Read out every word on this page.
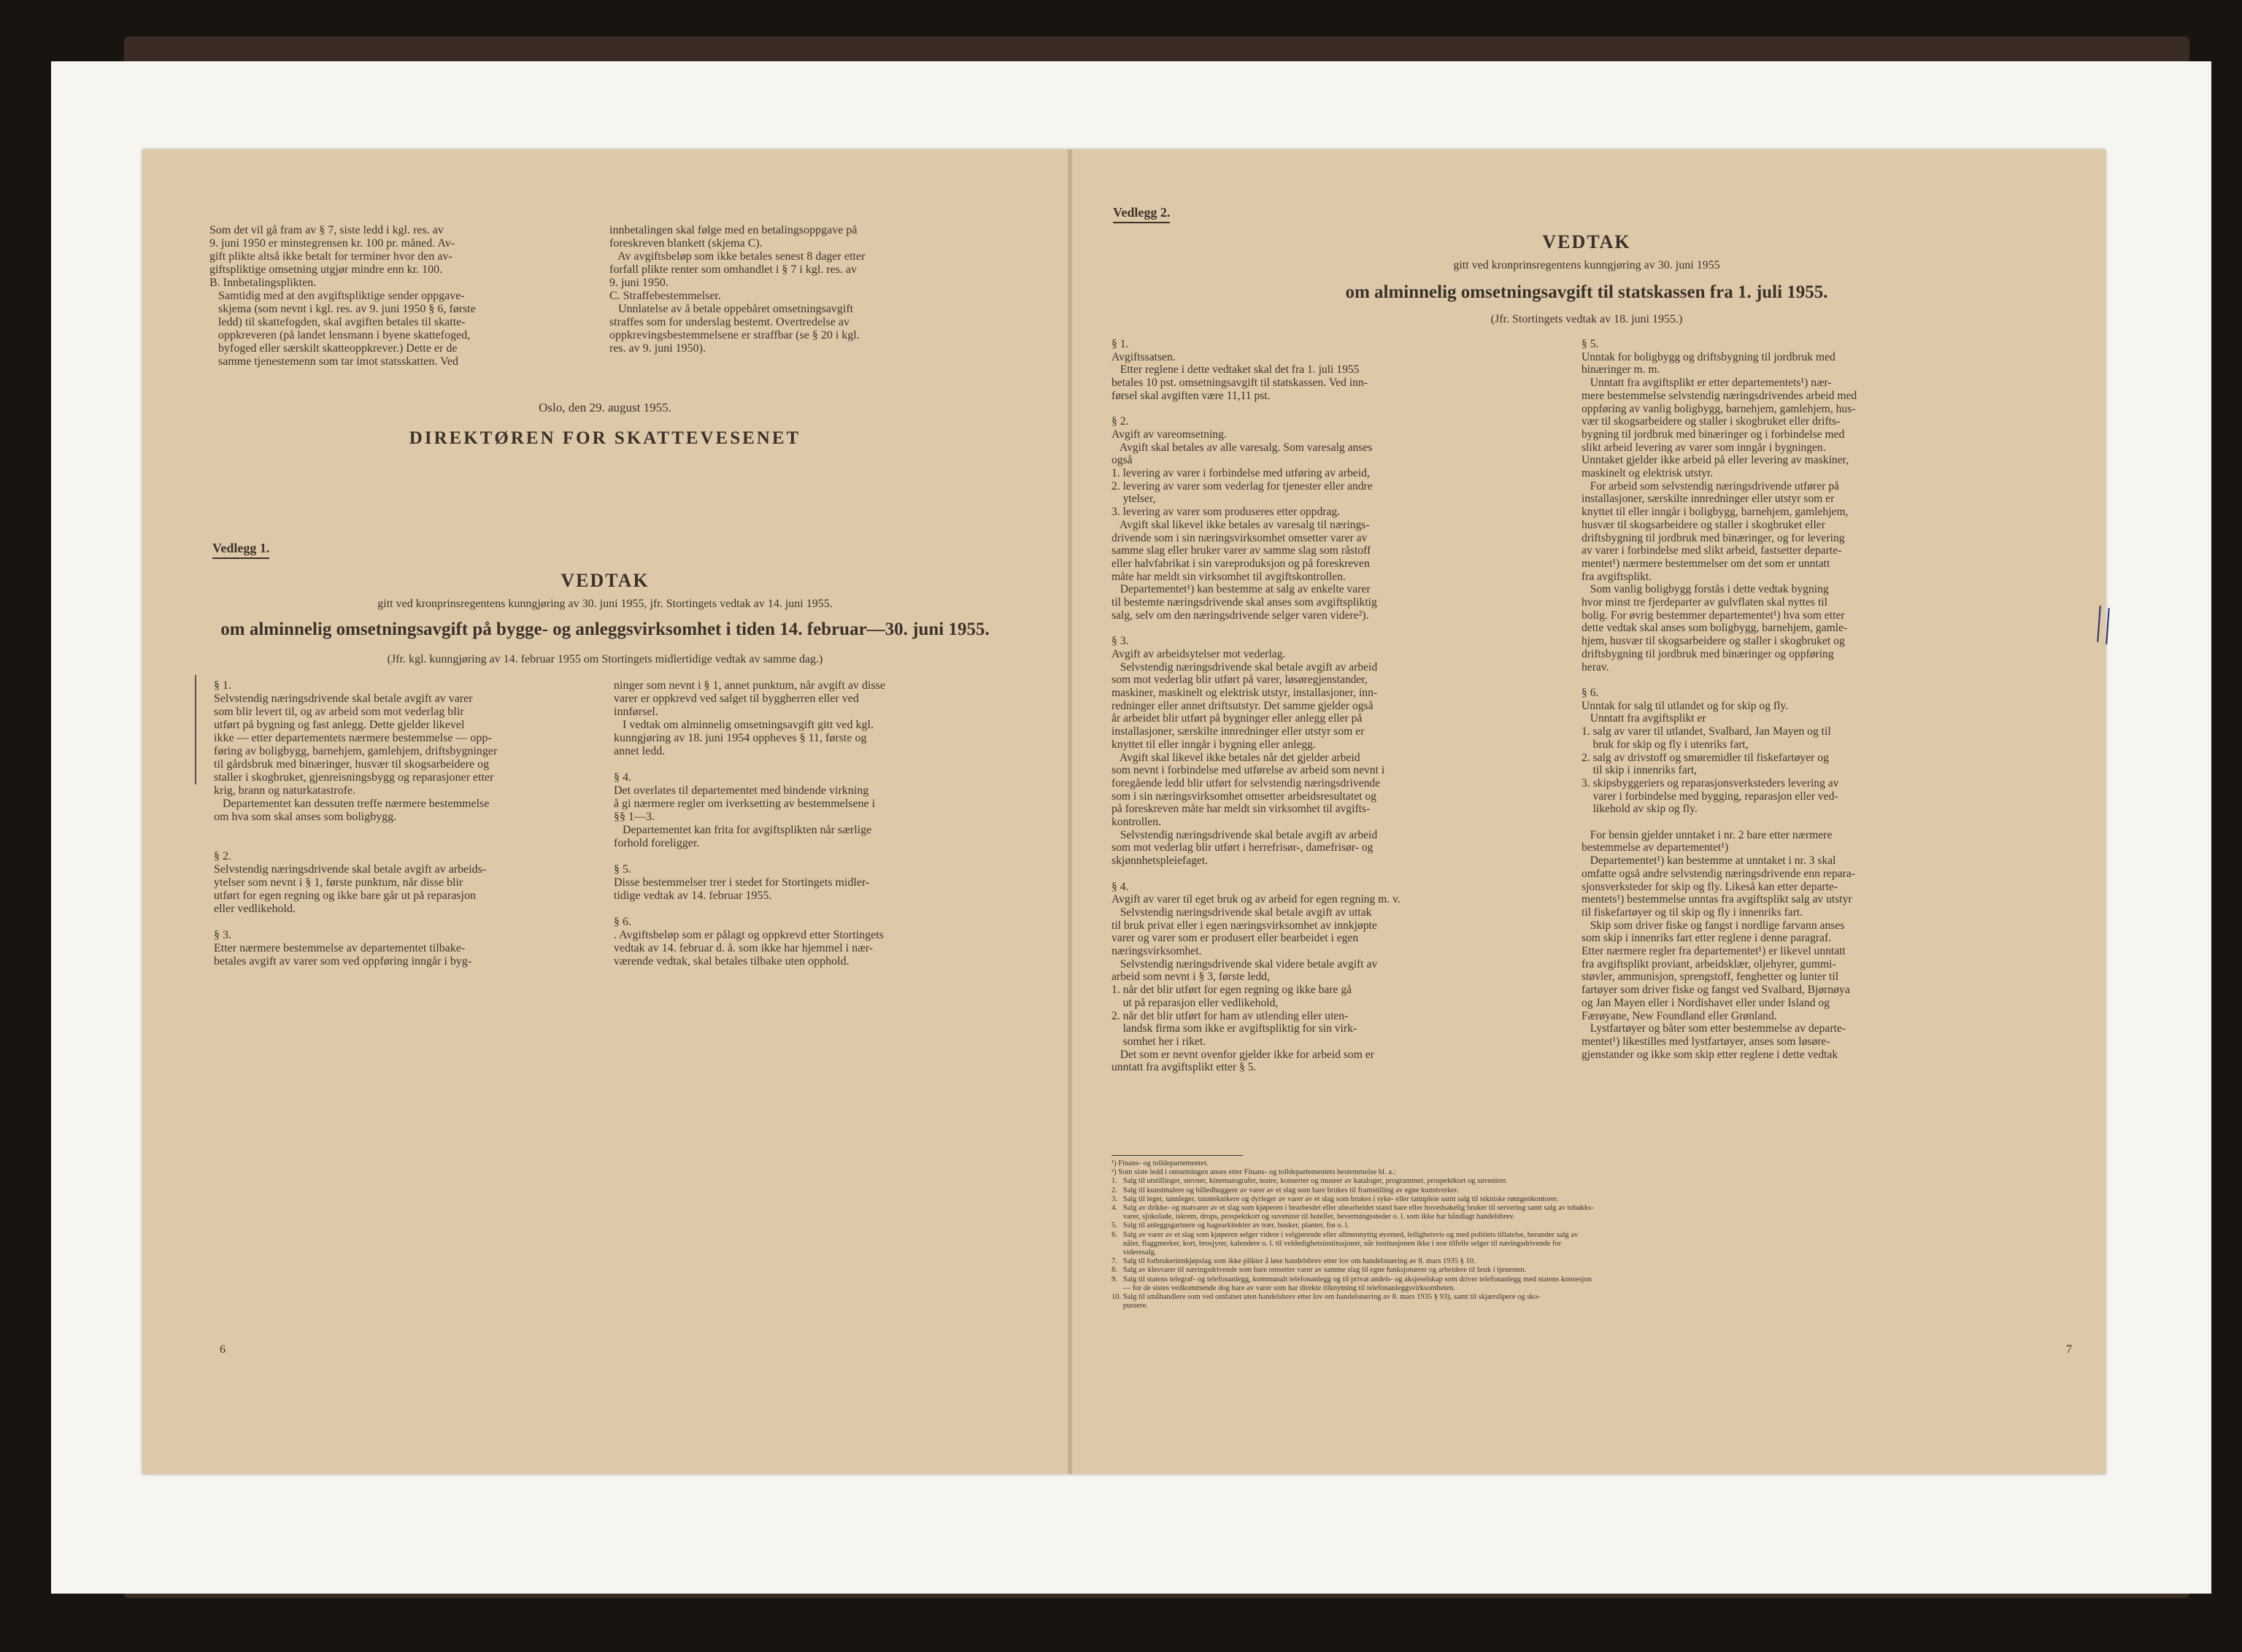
Som det vil gå fram av § 7, siste ledd i kgl. res. av
9. juni 1950 er minstegrensen kr. 100 pr. måned. Av-
gift plikte altså ikke betalt for terminer hvor den av-
giftspliktige omsetning utgjør mindre enn kr. 100.
B. Innbetalingsplikten.
Samtidig med at den avgiftspliktige sender oppgave-
skjema (som nevnt i kgl. res. av 9. juni 1950 § 6, første
ledd) til skattefogden, skal avgiften betales til skatte-
oppkreveren (på landet lensmann i byene skattefoged,
byfoged eller særskilt skatteoppkrever.) Dette er de
samme tjenestemenn som tar imot statsskatten. Ved
innbetalingen skal følge med en betalingsoppgave på
foreskreven blankett (skjema C).
Av avgiftsbeløp som ikke betales senest 8 dager etter
forfall plikte renter som omhandlet i § 7 i kgl. res. av
9. juni 1950.
C. Straffebestemmelser.
Unnlatelse av å betale oppebåret omsetningsavgift
straffes som for underslag bestemt. Overtredelse av
oppkrevingsbestemmelsene er straffbar (se § 20 i kgl.
res. av 9. juni 1950).
Oslo, den 29. august 1955.
DIREKTØREN FOR SKATTEVESENET
Vedlegg 1.
VEDTAK
gitt ved kronprinsregentens kunngjøring av 30. juni 1955, jfr. Stortingets vedtak av 14. juni 1955.
om alminnelig omsetningsavgift på bygge- og anleggsvirksomhet i tiden 14. februar—30. juni 1955.
(Jfr. kgl. kunngjøring av 14. februar 1955 om Stortingets midlertidige vedtak av samme dag.)
§ 1.
Selvstendig næringsdrivende skal betale avgift av varer
som blir levert til, og av arbeid som mot vederlag blir
utført på bygning og fast anlegg. Dette gjelder likevel
ikke — etter departementets nærmere bestemmelse — opp-
føring av boligbygg, barnehjem, gamlehjem, driftsbygninger
til gårdsbruk med binæringer, husvær til skogsarbeidere og
staller i skogbruket, gjenreisningsbygg og reparasjoner etter
krig, brann og naturkatastrofe.
Departementet kan dessuten treffe nærmere bestemmelse
om hva som skal anses som boligbygg.

§ 2.
Selvstendig næringsdrivende skal betale avgift av arbeids-
ytelser som nevnt i § 1, første punktum, når disse blir
utført for egen regning og ikke bare går ut på reparasjon
eller vedlikehold.

§ 3.
Etter nærmere bestemmelse av departementet tilbake-
betales avgift av varer som ved oppføring inngår i byg-
ninger som nevnt i § 1, annet punktum, når avgift av disse
varer er oppkrevd ved salget til byggherren eller ved
innførsel.
I vedtak om alminnelig omsetningsavgift gitt ved kgl.
kunngjøring av 18. juni 1954 oppheves § 11, første og
annet ledd.

§ 4.
Det overlates til departementet med bindende virkning
å gi nærmere regler om iverksetting av bestemmelsene i
§§ 1—3.
Departementet kan frita for avgiftsplikten når særlige
forhold foreligger.

§ 5.
Disse bestemmelser trer i stedet for Stortingets midler-
tidige vedtak av 14. februar 1955.

§ 6.
. Avgiftsbeløp som er pålagt og oppkrevd etter Stortingets
vedtak av 14. februar d. å. som ikke har hjemmel i nær-
værende vedtak, skal betales tilbake uten opphold.
6
Vedlegg 2.
VEDTAK
gitt ved kronprinsregentens kunngjøring av 30. juni 1955
om alminnelig omsetningsavgift til statskassen fra 1. juli 1955.
(Jfr. Stortingets vedtak av 18. juni 1955.)
§ 1.
Avgiftssatsen.
Etter reglene i dette vedtaket skal det fra 1. juli 1955
betales 10 pst. omsetningsavgift til statskassen. Ved inn-
førsel skal avgiften være 11,11 pst.

§ 2.
Avgift av vareomsetning.
Avgift skal betales av alle varesalg. Som varesalg anses
også
1. levering av varer i forbindelse med utføring av arbeid,
2. levering av varer som vederlag for tjenester eller andre
ytelser,
3. levering av varer som produseres etter oppdrag.
Avgift skal likevel ikke betales av varesalg til nærings-
drivende som i sin næringsvirksomhet omsetter varer av
samme slag eller bruker varer av samme slag som råstoff
eller halvfabrikat i sin vareproduksjon og på foreskreven
måte har meldt sin virksomhet til avgiftskontrollen.
Departementet¹) kan bestemme at salg av enkelte varer
til bestemte næringsdrivende skal anses som avgiftspliktig
salg, selv om den næringsdrivende selger varen videre²).

§ 3.
Avgift av arbeidsytelser mot vederlag.
Selvstendig næringsdrivende skal betale avgift av arbeid
som mot vederlag blir utført på varer, løsøregjenstander,
maskiner, maskinelt og elektrisk utstyr, installasjoner, inn-
redninger eller annet driftsutstyr. Det samme gjelder også
år arbeidet blir utført på bygninger eller anlegg eller på
installasjoner, særskilte innredninger eller utstyr som er
knyttet til eller inngår i bygning eller anlegg.
Avgift skal likevel ikke betales når det gjelder arbeid
som nevnt i forbindelse med utførelse av arbeid som nevnt i
foregående ledd blir utført for selvstendig næringsdrivende
som i sin næringsvirksomhet omsetter arbeidsresultatet og
på foreskreven måte har meldt sin virksomhet til avgifts-
kontrollen.
Selvstendig næringsdrivende skal betale avgift av arbeid
som mot vederlag blir utført i herrefrisør-, damefrisør- og
skjønnhetspleiefaget.

§ 4.
Avgift av varer til eget bruk og av arbeid for egen regning m. v.
Selvstendig næringsdrivende skal betale avgift av uttak
til bruk privat eller i egen næringsvirksomhet av innkjøpte
varer og varer som er produsert eller bearbeidet i egen
næringsvirksomhet.
Selvstendig næringsdrivende skal videre betale avgift av
arbeid som nevnt i § 3, første ledd,
1. når det blir utført for egen regning og ikke bare gå
ut på reparasjon eller vedlikehold,
2. når det blir utført for ham av utlending eller uten-
landsk firma som ikke er avgiftspliktig for sin virk-
somhet her i riket.
Det som er nevnt ovenfor gjelder ikke for arbeid som er
unntatt fra avgiftsplikt etter § 5.
§ 5.
Unntak for boligbygg og driftsbygning til jordbruk med
binæringer m. m.
Unntatt fra avgiftsplikt er etter departementets¹) nær-
mere bestemmelse selvstendig næringsdrivendes arbeid med
oppføring av vanlig boligbygg, barnehjem, gamlehjem, hus-
vær til skogsarbeidere og staller i skogbruket eller drifts-
bygning til jordbruk med binæringer og i forbindelse med
slikt arbeid levering av varer som inngår i bygningen.
Unntaket gjelder ikke arbeid på eller levering av maskiner,
maskinelt og elektrisk utstyr.
For arbeid som selvstendig næringsdrivende utfører på
installasjoner, særskilte innredninger eller utstyr som er
knyttet til eller inngår i boligbygg, barnehjem, gamlehjem,
husvær til skogsarbeidere og staller i skogbruket eller
driftsbygning til jordbruk med binæringer, og for levering
av varer i forbindelse med slikt arbeid, fastsetter departe-
mentet¹) nærmere bestemmelser om det som er unntatt
fra avgiftsplikt.
Som vanlig boligbygg forstås i dette vedtak bygning
hvor minst tre fjerdeparter av gulvflaten skal nyttes til
bolig. For øvrig bestemmer departementet¹) hva som etter
dette vedtak skal anses som boligbygg, barnehjem, gamle-
hjem, husvær til skogsarbeidere og staller i skogbruket og
driftsbygning til jordbruk med binæringer og oppføring
herav.

§ 6.
Unntak for salg til utlandet og for skip og fly.
Unntatt fra avgiftsplikt er
1. salg av varer til utlandet, Svalbard, Jan Mayen og til
bruk for skip og fly i utenriks fart,
2. salg av drivstoff og smøremidler til fiskefartøyer og
til skip i innenriks fart,
3. skipsbyggeriers og reparasjonsverksteders levering av
varer i forbindelse med bygging, reparasjon eller ved-
likehold av skip og fly.

For bensin gjelder unntaket i nr. 2 bare etter nærmere
bestemmelse av departementet¹)
Departementet¹) kan bestemme at unntaket i nr. 3 skal
omfatte også andre selvstendig næringsdrivende enn repara-
sjonsverksteder for skip og fly. Likeså kan etter departe-
mentets¹) bestemmelse unntas fra avgiftsplikt salg av utstyr
til fiskefartøyer og til skip og fly i innenriks fart.
Skip som driver fiske og fangst i nordlige farvann anses
som skip i innenriks fart etter reglene i denne paragraf.
Etter nærmere regler fra departementet¹) er likevel unntatt
fra avgiftsplikt proviant, arbeidsklær, oljehyrer, gummi-
støvler, ammunisjon, sprengstoff, fenghetter og lunter til
fartøyer som driver fiske og fangst ved Svalbard, Bjørnøya
og Jan Mayen eller i Nordishavet eller under Island og
Færøyane, New Foundland eller Grønland.
Lystfartøyer og båter som etter bestemmelse av departe-
mentet¹) likestilles med lystfartøyer, anses som løsøre-
gjenstander og ikke som skip etter reglene i dette vedtak
¹) Finans- og tolldepartementet.
²) Som siste ledd i omsetningen anses etter Finans- og tolldepartementets bestemmelse bl. a.:
1.   Salg til utstillinger, stevner, kinematografer, teatre, konserter og museer av kataloger, programmer, prospektkort og suvenirer.
2.   Salg til kunstmalere og billedhuggere av varer av et slag som bare brukes til framstilling av egne kunstverker.
3.   Salg til leger, tannleger, tannteknikere og dyrleger av varer av et slag som brukes i syke- eller tannpleie samt salg til tekniske røntgenkontorer.
4.   Salg av drikke- og matvarer av et slag som kjøperen i bearbeidet eller ubearbeidet stand bare eller hovedsakelig bruker til servering samt salg av tobakks-
varer, sjokolade, iskrem, drops, prospektkort og suvenirer til hoteller, bevertningssteder o. l. som ikke har båndlagt handelsbrev.
5.   Salg til anleggsgartnere og hagearkitekter av trær, busker, planter, frø o. l.
6.   Salg av varer av et slag som kjøperen selger videre i velgjørende eller allmennyttig øyemed, leilighetsvis og med politiets tillatelse, herunder salg av
nåler, flaggmerker, kort, brosjyrer, kalendere o. l. til veldedighetsinstitusjoner, når institusjonen ikke i noe tilfelle selger til næringsdrivende for
videresalg.
7.   Salg til forbrukerinnkjøpslag som ikke plikter å løse handelsbrev etter lov om handelsnæring av 8. mars 1935 § 10.
8.   Salg av klesvarer til næringsdrivende som bare omsetter varer av samme slag til egne funksjonærer og arbeidere til bruk i tjenesten.
9.   Salg til statens telegraf- og telefonanlegg, kommunalt telefonanlegg og til privat andels- og aksjeselskap som driver telefonanlegg med statens konsesjon
— for de sistes vedkommende dog bare av varer som har direkte tilknytning til telefonanleggsvirksomheten.
10. Salg til småhandlere som ved omfatset uten handelsbrev etter lov om handelsnæring av 8. mars 1935 § 93), samt til skjærslipere og sko-
pussere.
7
